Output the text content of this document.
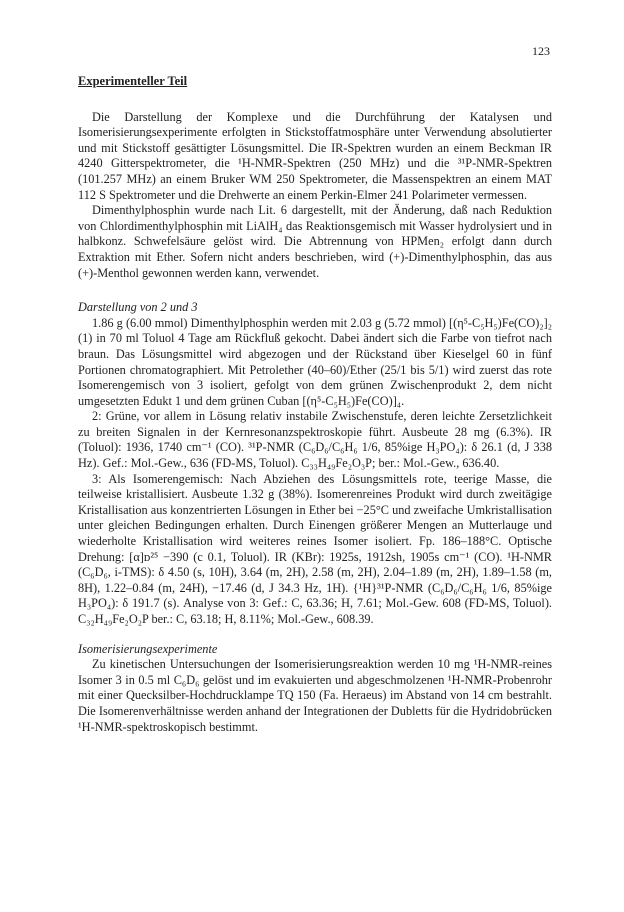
123

Experimenteller Teil

Die Darstellung der Komplexe und die Durchführung der Katalysen und Isomerisierungsexperimente erfolgten in Stickstoffatmosphäre unter Verwendung absolutierter und mit Stickstoff gesättigter Lösungsmittel. Die IR-Spektren wurden an einem Beckman IR 4240 Gitterspektrometer, die ¹H-NMR-Spektren (250 MHz) und die ³¹P-NMR-Spektren (101.257 MHz) an einem Bruker WM 250 Spektrometer, die Massenspektren an einem MAT 112 S Spektrometer und die Drehwerte an einem Perkin-Elmer 241 Polarimeter vermessen.

Dimenthylphosphin wurde nach Lit. 6 dargestellt, mit der Änderung, daß nach Reduktion von Chlordimenthylphosphin mit LiAlH₄ das Reaktionsgemisch mit Wasser hydrolysiert und in halbkonz. Schwefelsäure gelöst wird. Die Abtrennung von HPMen₂ erfolgt dann durch Extraktion mit Ether. Sofern nicht anders beschrieben, wird (+)-Dimenthylphosphin, das aus (+)-Menthol gewonnen werden kann, verwendet.

Darstellung von 2 und 3

1.86 g (6.00 mmol) Dimenthylphosphin werden mit 2.03 g (5.72 mmol) [(η⁵-C₅H₅)Fe(CO)₂]₂ (1) in 70 ml Toluol 4 Tage am Rückfluß gekocht. Dabei ändert sich die Farbe von tiefrot nach braun. Das Lösungsmittel wird abgezogen und der Rückstand über Kieselgel 60 in fünf Portionen chromatographiert. Mit Petrolether (40–60)/Ether (25/1 bis 5/1) wird zuerst das rote Isomerengemisch von 3 isoliert, gefolgt von dem grünen Zwischenprodukt 2, dem nicht umgesetzten Edukt 1 und dem grünen Cuban [(η⁵-C₅H₅)Fe(CO)]₄.

2: Grüne, vor allem in Lösung relativ instabile Zwischenstufe, deren leichte Zersetzlichkeit zu breiten Signalen in der Kernresonanzspektroskopie führt. Ausbeute 28 mg (6.3%). IR (Toluol): 1936, 1740 cm⁻¹ (CO). ³¹P-NMR (C₆D₆/C₆H₆ 1/6, 85%ige H₃PO₄): δ 26.1 (d, J 338 Hz). Gef.: Mol.-Gew., 636 (FD-MS, Toluol). C₃₃H₄₉Fe₂O₃P; ber.: Mol.-Gew., 636.40.

3: Als Isomerengemisch: Nach Abziehen des Lösungsmittels rote, teerige Masse, die teilweise kristallisiert. Ausbeute 1.32 g (38%). Isomerenreines Produkt wird durch zweitägige Kristallisation aus konzentrierten Lösungen in Ether bei −25°C und zweifache Umkristallisation unter gleichen Bedingungen erhalten. Durch Einengen größerer Mengen an Mutterlauge und wiederholte Kristallisation wird weiteres reines Isomer isoliert. Fp. 186–188°C. Optische Drehung: [α]ᴅ²⁵ −390 (c 0.1, Toluol). IR (KBr): 1925s, 1912sh, 1905s cm⁻¹ (CO). ¹H-NMR (C₆D₆, i-TMS): δ 4.50 (s, 10H), 3.64 (m, 2H), 2.58 (m, 2H), 2.04–1.89 (m, 2H), 1.89–1.58 (m, 8H), 1.22–0.84 (m, 24H), −17.46 (d, J 34.3 Hz, 1H). {¹H}³¹P-NMR (C₆D₆/C₆H₆ 1/6, 85%ige H₃PO₄): δ 191.7 (s). Analyse von 3: Gef.: C, 63.36; H, 7.61; Mol.-Gew. 608 (FD-MS, Toluol). C₃₂H₄₉Fe₂O₂P ber.: C, 63.18; H, 8.11%; Mol.-Gew., 608.39.

Isomerisierungsexperimente

Zu kinetischen Untersuchungen der Isomerisierungsreaktion werden 10 mg ¹H-NMR-reines Isomer 3 in 0.5 ml C₆D₆ gelöst und im evakuierten und abgeschmolzenen ¹H-NMR-Probenrohr mit einer Quecksilber-Hochdrucklampe TQ 150 (Fa. Heraeus) im Abstand von 14 cm bestrahlt. Die Isomerenverhältnisse werden anhand der Integrationen der Dubletts für die Hydridobrücken ¹H-NMR-spektroskopisch bestimmt.
